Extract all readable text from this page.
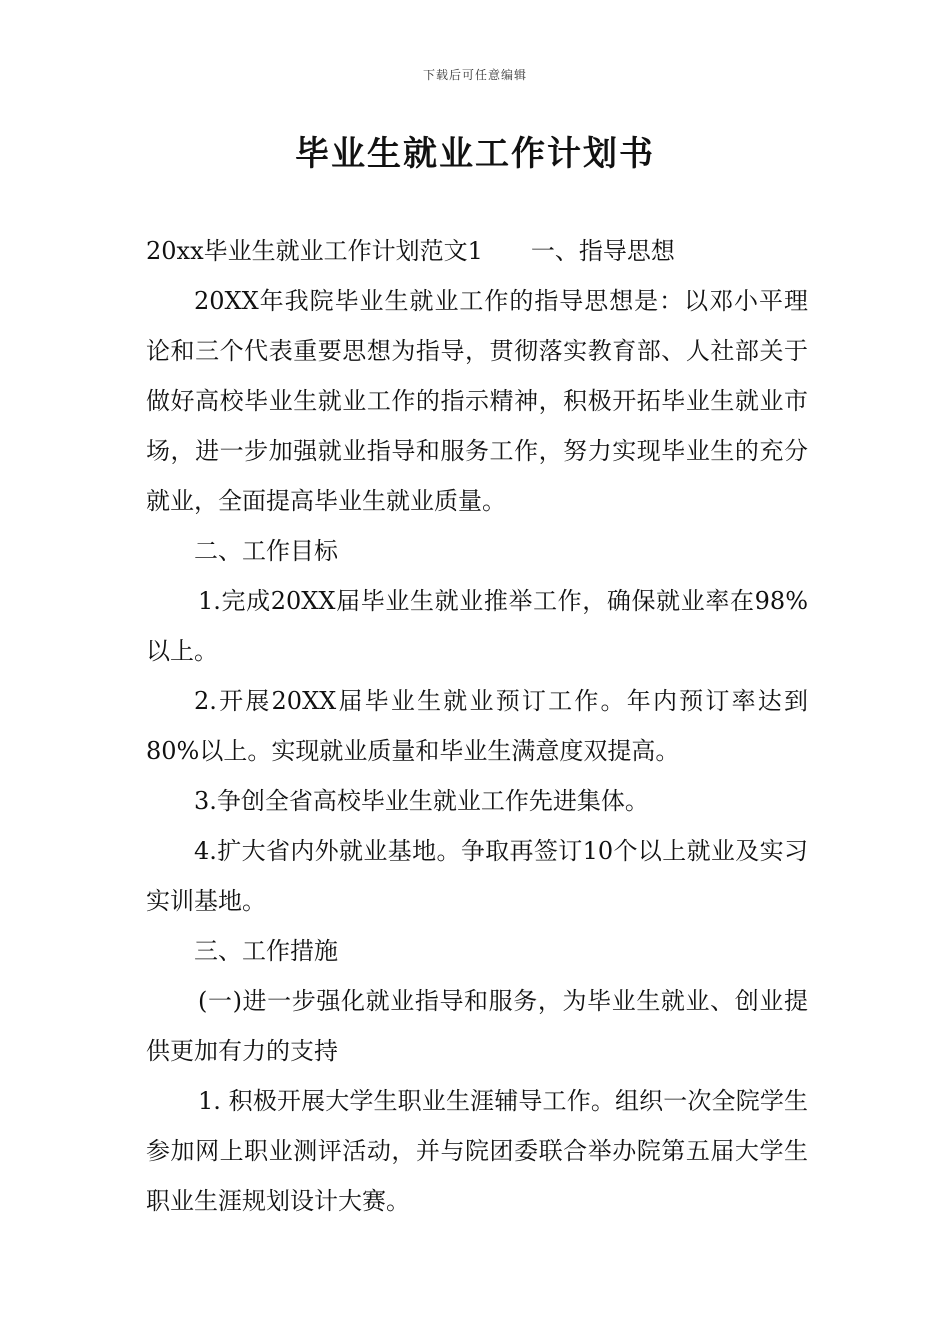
下载后可任意编辑
毕业生就业工作计划书

20xx毕业生就业工作计划范文1 一、指导思想

20XX年我院毕业生就业工作的指导思想是：以邓小平理论和三个代表重要思想为指导，贯彻落实教育部、人社部关于做好高校毕业生就业工作的指示精神，积极开拓毕业生就业市场，进一步加强就业指导和服务工作，努力实现毕业生的充分就业，全面提高毕业生就业质量。

二、工作目标

1.完成20XX届毕业生就业推举工作，确保就业率在98%以上。

2.开展20XX届毕业生就业预订工作。年内预订率达到80%以上。实现就业质量和毕业生满意度双提高。

3.争创全省高校毕业生就业工作先进集体。

4.扩大省内外就业基地。争取再签订10个以上就业及实习实训基地。

三、工作措施

(一)进一步强化就业指导和服务，为毕业生就业、创业提供更加有力的支持

1. 积极开展大学生职业生涯辅导工作。组织一次全院学生参加网上职业测评活动，并与院团委联合举办院第五届大学生职业生涯规划设计大赛。
